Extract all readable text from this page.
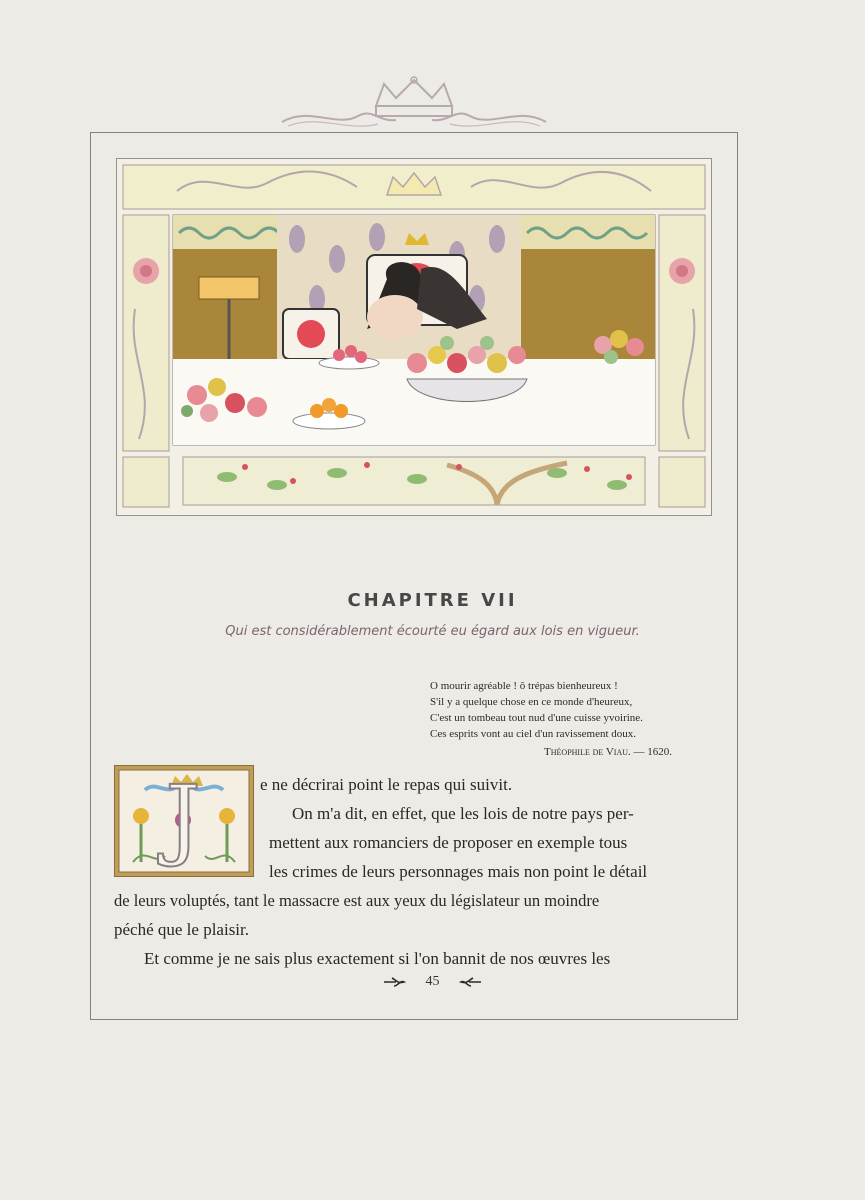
CHAPITRE VII
Qui est considérablement écourté eu égard aux lois en vigueur.
O mourir agréable ! ô trépas bienheureux !
S'il y a quelque chose en ce monde d'heureux,
C'est un tombeau tout nud d'une cuisse yvoirine.
Ces esprits vont au ciel d'un ravissement doux.
Théophile de Viau. — 1620.
J	e ne décrirai point le repas qui suivit.
On m'a dit, en effet, que les lois de notre pays per-
mettent aux romanciers de proposer en exemple tous
les crimes de leurs personnages mais non point le détail
de leurs voluptés, tant le massacre est aux yeux du législateur un moindre
péché que le plaisir.
Et comme je ne sais plus exactement si l'on bannit de nos œuvres les
45
